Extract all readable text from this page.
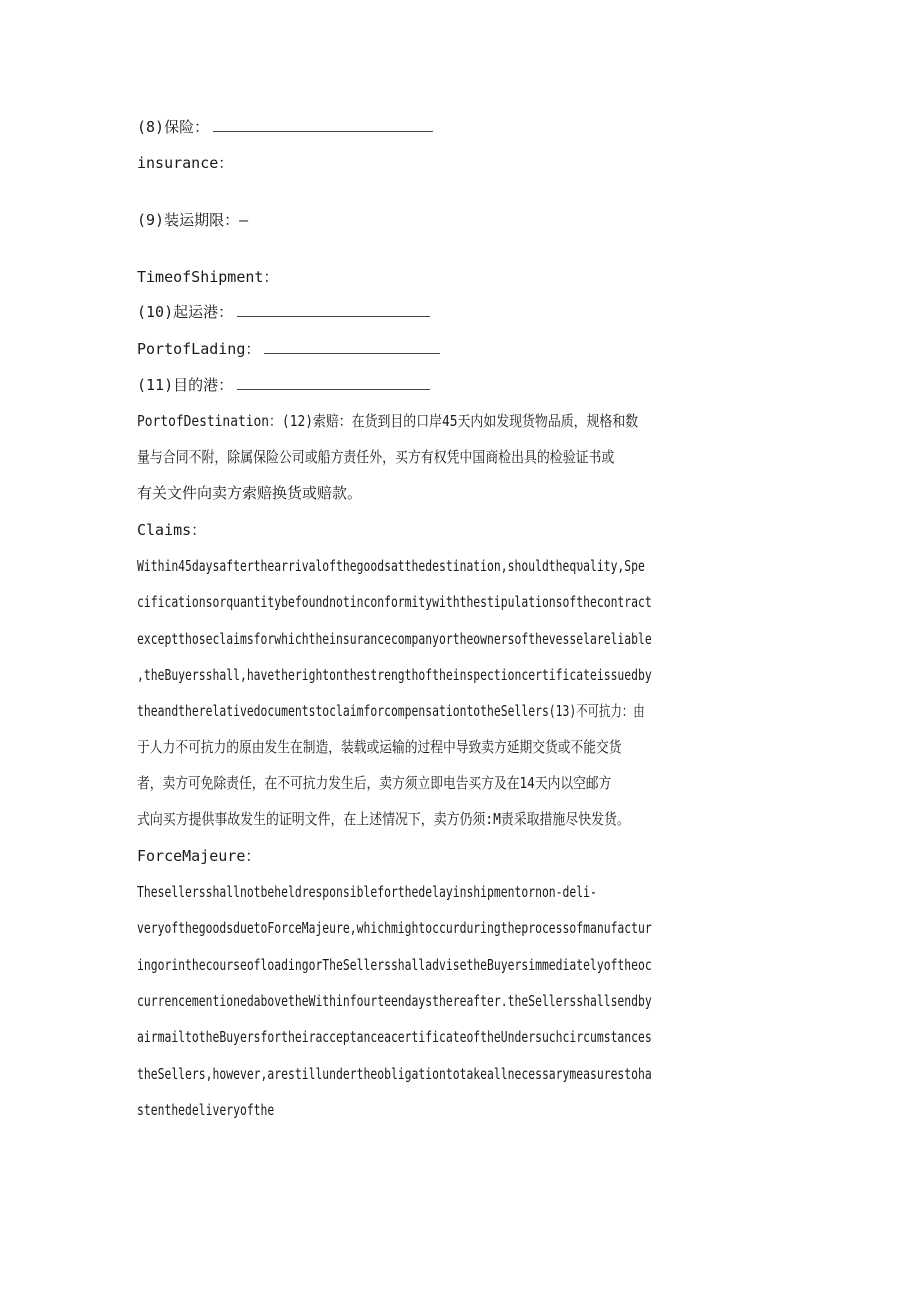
(8)保险：
insurance：
(9)装运期限：—
TimeofShipment：
(10)起运港：
PortofLading：
(11)目的港：
PortofDestination：(12)索赔：在货到目的口岸45天内如发现货物品质，规格和数
量与合同不附，除属保险公司或船方责任外，买方有权凭中国商检出具的检验证书或
有关文件向卖方索赔换货或赔款。
Claims：
Within45daysafterthearrivalofthegoodsatthedestination,shouldtheqυality,Spe
cificationsorquantitybefoundnotinconformitywiththestipulationsofthecontract
exceptthoseclaimsforwhichtheinsurancecompanyortheownersofthevesselareliable
,theBuyersshall,havetherightonthestrengthoftheinspectioncertificateissuedby
theandtherelativedocumentstoclaimforcompensationtotheSellers(13)不可抗力：由
于人力不可抗力的原由发生在制造，装载或运输的过程中导致卖方延期交货或不能交货
者，卖方可免除责任，在不可抗力发生后，卖方须立即电告买方及在14天内以空邮方
式向买方提供事故发生的证明文件，在上述情况下，卖方仍须:M责采取措施尽快发货。
ForceMajeure：
Thesellersshallnotbeheldresponsibleforthedelayinshipmentornon-deli-
veryofthegoodsduetoForceMajeure,whichmightoccurduringtheprocessofmanufactur
ingorinthecourseofloadingorTheSellersshalladvisetheBuyersimmediatelyoftheoc
currencementionedabovetheWithinfourteendaysthereafter.theSellersshallsendby
airmailtotheBuyersfortheiracceptanceacertificateoftheUndersuchcircumstances
theSellers,however,arestillundertheobligationtotakeallnecessarymeasurestoha
stenthedeliveryofthe
